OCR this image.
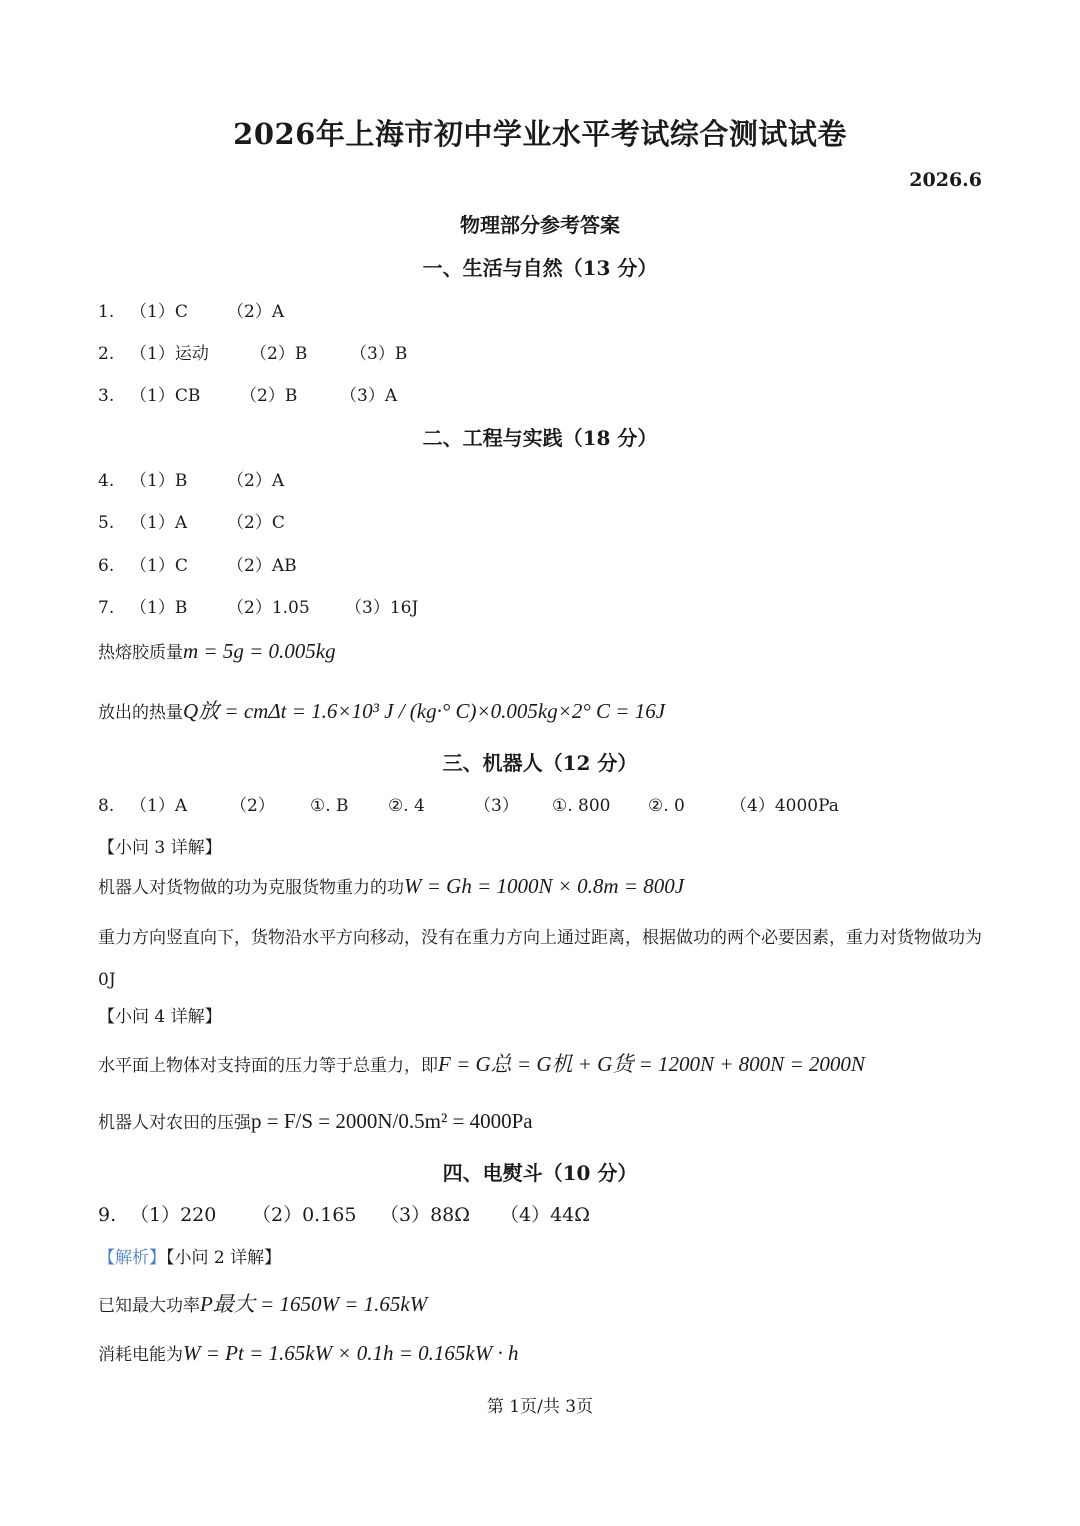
2026年上海市初中学业水平考试综合测试试卷
2026.6
物理部分参考答案
一、生活与自然（13 分）
1. （1）C （2）A
2. （1）运动 （2）B	（3）B
3. （1）CB （2）B	（3）A
二、工程与实践（18 分）
4. （1）B （2）A
5. （1）A （2）C
6. （1）C （2）AB
7. （1）B （2）1.05 （3）16J
热熔胶质量m = 5g = 0.005kg
放出的热量Q放 = cmΔt = 1.6×10³ J / (kg·° C)×0.005kg×2° C = 16J
三、机器人（12 分）
8. （1）A	（2） ①. B ②. 4	（3） ①. 800 ②. 0	（4）4000Pa
【小问 3 详解】
机器人对货物做的功为克服货物重力的功W = Gh = 1000N × 0.8m = 800J
重力方向竖直向下，货物沿水平方向移动，没有在重力方向上通过距离，根据做功的两个必要因素，重力对货物做功为 0J
【小问 4 详解】
水平面上物体对支持面的压力等于总重力，即F = G总 = G机 + G货 = 1200N + 800N = 2000N
机器人对农田的压强p = F/S = 2000N/0.5m² = 4000Pa
四、电熨斗（10 分）
9. （1）220 （2）0.165 （3）88Ω （4）44Ω
【解析】【小问 2 详解】
已知最大功率P最大 = 1650W = 1.65kW
消耗电能为W = Pt = 1.65kW × 0.1h = 0.165kW · h
第 1页/共 3页
